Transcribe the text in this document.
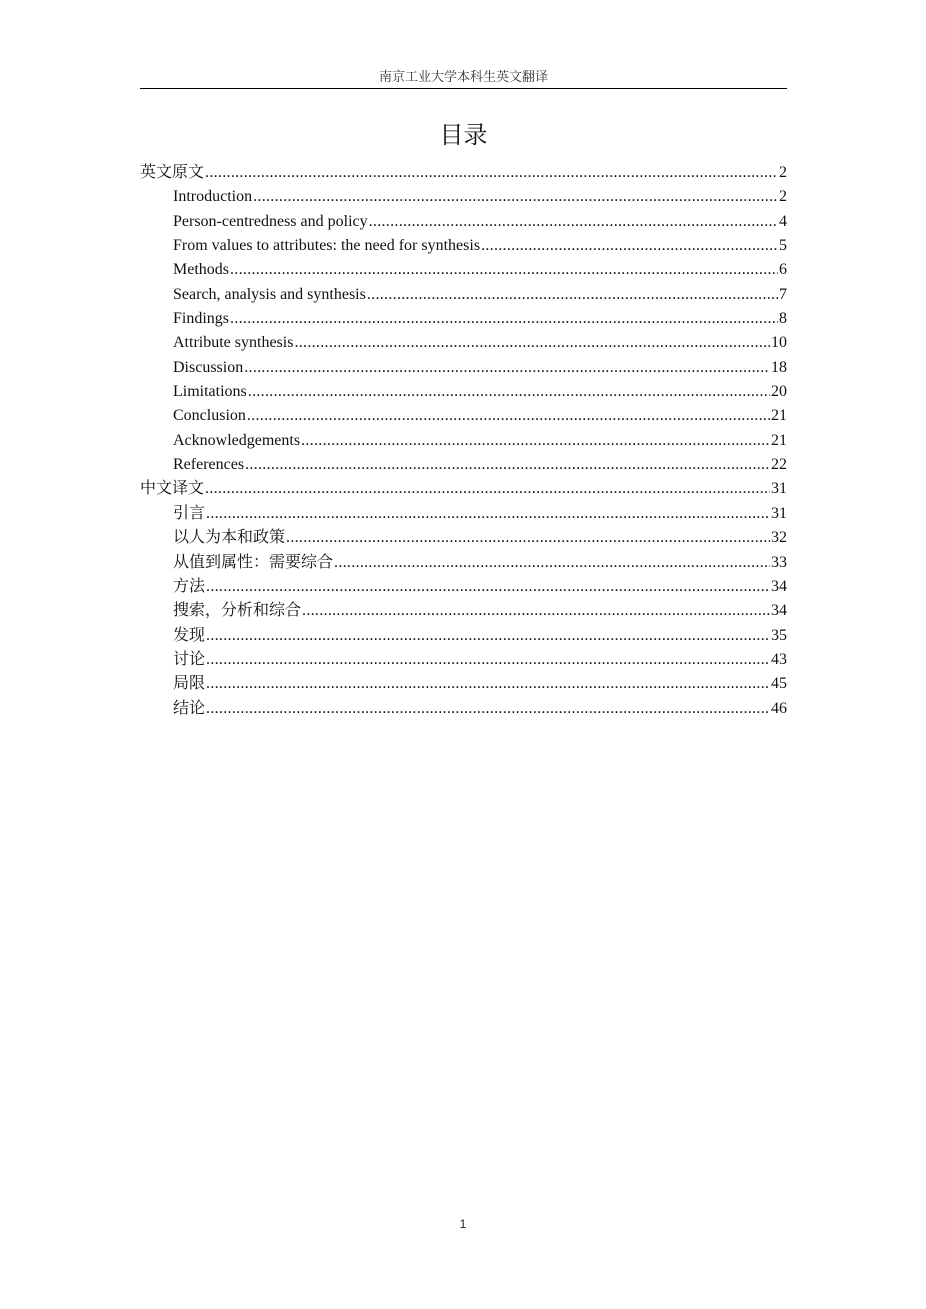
南京工业大学本科生英文翻译
目录
英文原文 .....	2
Introduction .....	2
Person-centredness and policy .....	4
From values to attributes: the need for synthesis .....	5
Methods .....	6
Search, analysis and synthesis .....	7
Findings .....	8
Attribute synthesis .....	10
Discussion .....	18
Limitations .....	20
Conclusion .....	21
Acknowledgements .....	21
References .....	22
中文译文 .....	31
引言 .....	31
以人为本和政策 .....	32
从值到属性：需要综合 .....	33
方法 .....	34
搜索，分析和综合 .....	34
发现 .....	35
讨论 .....	43
局限 .....	45
结论 .....	46
1
